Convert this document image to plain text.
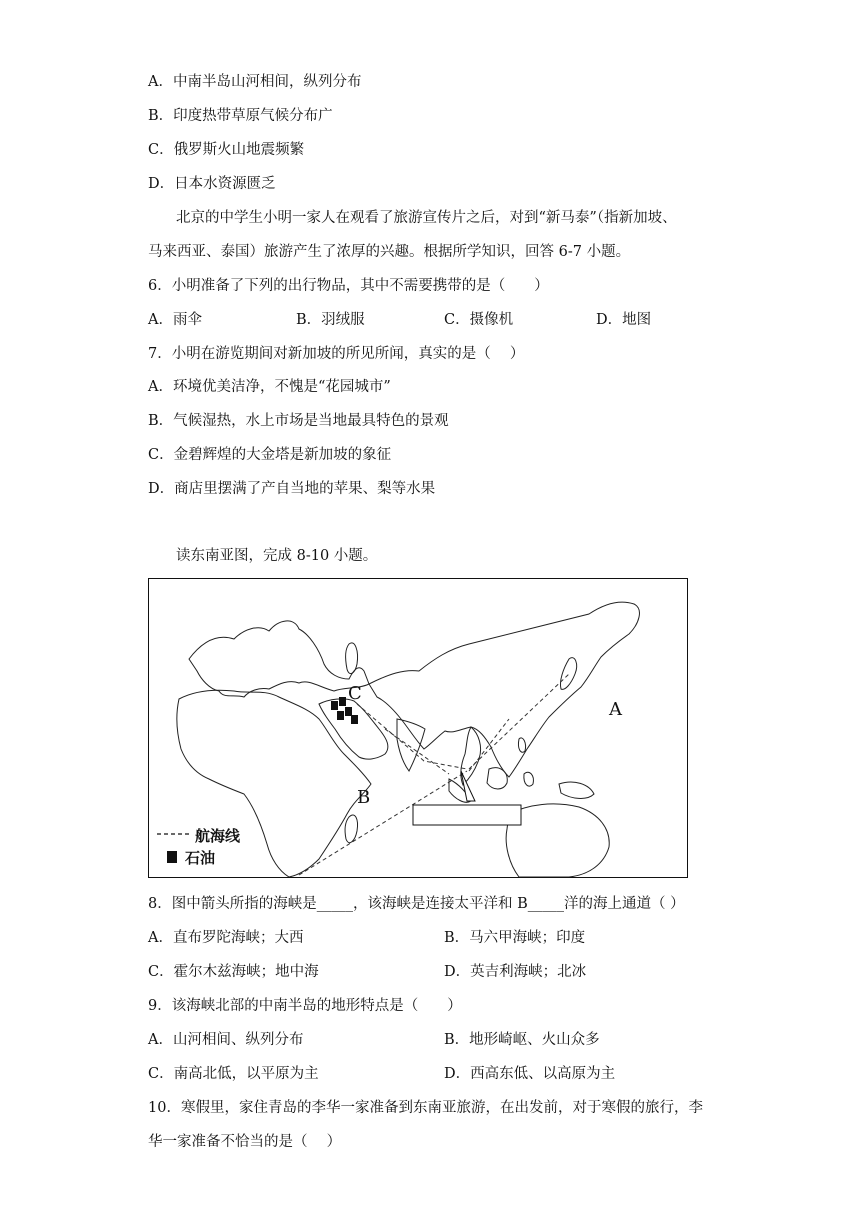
A．中南半岛山河相间，纵列分布
B．印度热带草原气候分布广
C．俄罗斯火山地震频繁
D．日本水资源匮乏
北京的中学生小明一家人在观看了旅游宣传片之后，对到“新马泰”（指新加坡、
马来西亚、泰国）旅游产生了浓厚的兴趣。根据所学知识，回答 6-7 小题。
6．小明准备了下列的出行物品，其中不需要携带的是（　　）
A．雨伞	B．羽绒服	C．摄像机	D．地图
7．小明在游览期间对新加坡的所见所闻，真实的是（　 ）
A．环境优美洁净，不愧是“花园城市”
B．气候湿热，水上市场是当地最具特色的景观
C．金碧辉煌的大金塔是新加坡的象征
D．商店里摆满了产自当地的苹果、梨等水果
读东南亚图，完成 8-10 小题。
A
B
C
航海线
石油
8．图中箭头所指的海峡是_____，该海峡是连接太平洋和 B_____洋的海上通道（ ）
A．直布罗陀海峡；大西	B．马六甲海峡；印度
C．霍尔木兹海峡；地中海	D．英吉利海峡；北冰
9．该海峡北部的中南半岛的地形特点是（　　）
A．山河相间、纵列分布	B．地形崎岖、火山众多
C．南高北低，以平原为主	D．西高东低、以高原为主
10．寒假里，家住青岛的李华一家准备到东南亚旅游，在出发前，对于寒假的旅行，李
华一家准备不恰当的是（　 ）
